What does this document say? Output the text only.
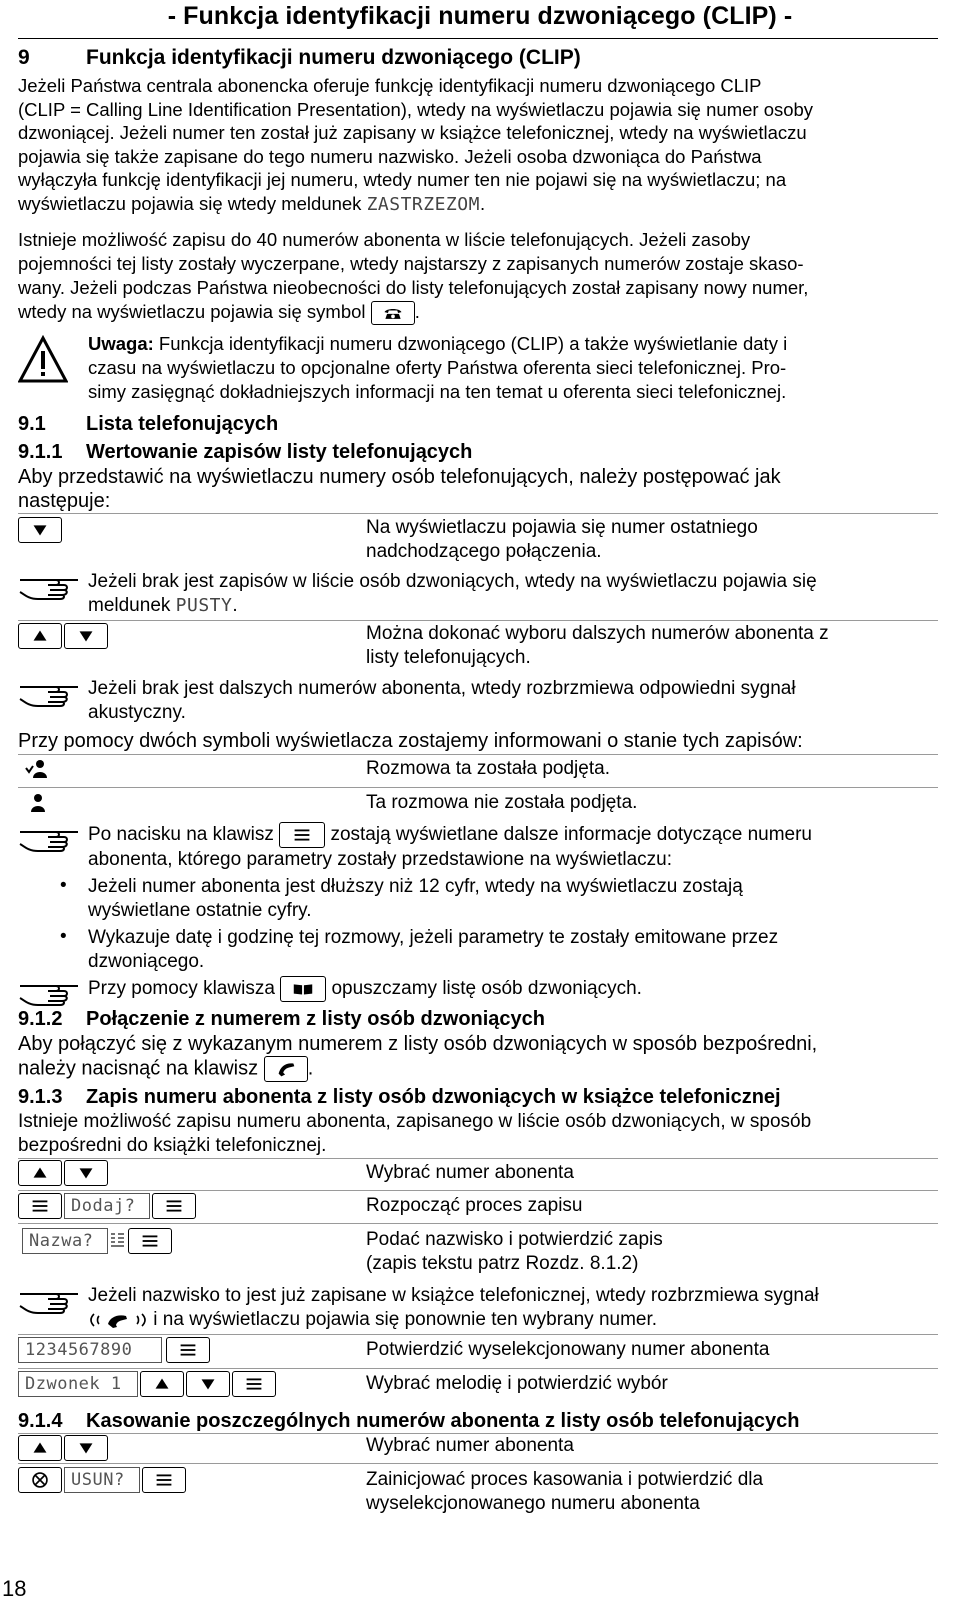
- Funkcja identyfikacji numeru dzwoniącego (CLIP) -
9	Funkcja identyfikacji numeru dzwoniącego (CLIP)
Jeżeli Państwa centrala abonencka oferuje funkcję identyfikacji numeru dzwoniącego CLIP
(CLIP = Calling Line Identification Presentation), wtedy na wyświetlaczu pojawia się numer osoby
dzwoniącej. Jeżeli numer ten został już zapisany w książce telefonicznej, wtedy na wyświetlaczu
pojawia się także zapisane do tego numeru nazwisko. Jeżeli osoba dzwoniąca do Państwa
wyłączyła funkcję identyfikacji jej numeru, wtedy numer ten nie pojawi się na wyświetlaczu; na
wyświetlaczu pojawia się wtedy meldunek ZASTRZEZOM.
Istnieje możliwość zapisu do 40 numerów abonenta w liście telefonujących. Jeżeli zasoby
pojemności tej listy zostały wyczerpane, wtedy najstarszy z zapisanych numerów zostaje skaso-
wany. Jeżeli podczas Państwa nieobecności do listy telefonujących został zapisany nowy numer,
wtedy na wyświetlaczu pojawia się symbol	.
Uwaga: Funkcja identyfikacji numeru dzwoniącego (CLIP) a także wyświetlanie daty i
czasu na wyświetlaczu to opcjonalne oferty Państwa oferenta sieci telefonicznej. Pro-
simy zasięgnąć dokładniejszych informacji na ten temat u oferenta sieci telefonicznej.
9.1 Lista telefonujących
9.1.1 Wertowanie zapisów listy telefonujących
Aby przedstawić na wyświetlaczu numery osób telefonujących, należy postępować jak
następuje:
Na wyświetlaczu pojawia się numer ostatniego
nadchodzącego połączenia.
Jeżeli brak jest zapisów w liście osób dzwoniących, wtedy na wyświetlaczu pojawia się
meldunek PUSTY.
Można dokonać wyboru dalszych numerów abonenta z
listy telefonujących.
Jeżeli brak jest dalszych numerów abonenta, wtedy rozbrzmiewa odpowiedni sygnał
akustyczny.
Przy pomocy dwóch symboli wyświetlacza zostajemy informowani o stanie tych zapisów:
Rozmowa ta została podjęta.
Ta rozmowa nie została podjęta.
Po nacisku na klawisz	zostają wyświetlane dalsze informacje dotyczące numeru
abonenta, którego parametry zostały przedstawione na wyświetlaczu:
• Jeżeli numer abonenta jest dłuższy niż 12 cyfr, wtedy na wyświetlaczu zostają
wyświetlane ostatnie cyfry.
• Wykazuje datę i godzinę tej rozmowy, jeżeli parametry te zostały emitowane przez
dzwoniącego.
Przy pomocy klawisza	opuszczamy listę osób dzwoniących.
9.1.2 Połączenie z numerem z listy osób dzwoniących
Aby połączyć się z wykazanym numerem z listy osób dzwoniących w sposób bezpośredni,
należy nacisnąć na klawisz .
9.1.3 Zapis numeru abonenta z listy osób dzwoniących w książce telefonicznej
Istnieje możliwość zapisu numeru abonenta, zapisanego w liście osób dzwoniących, w sposób
bezpośredni do książki telefonicznej.
Wybrać numer abonenta
Dodaj?	Rozpocząć proces zapisu
Nazwa?	Podać nazwisko i potwierdzić zapis
(zapis tekstu patrz Rozdz. 8.1.2)
Jeżeli nazwisko to jest już zapisane w książce telefonicznej, wtedy rozbrzmiewa sygnał
i na wyświetlaczu pojawia się ponownie ten wybrany numer.
1234567890	Potwierdzić wyselekcjonowany numer abonenta
Dzwonek 1	Wybrać melodię i potwierdzić wybór
9.1.4 Kasowanie poszczególnych numerów abonenta z listy osób telefonujących
Wybrać numer abonenta
USUN?	Zainicjować proces kasowania i potwierdzić dla
wyselekcjonowanego numeru abonenta
18
